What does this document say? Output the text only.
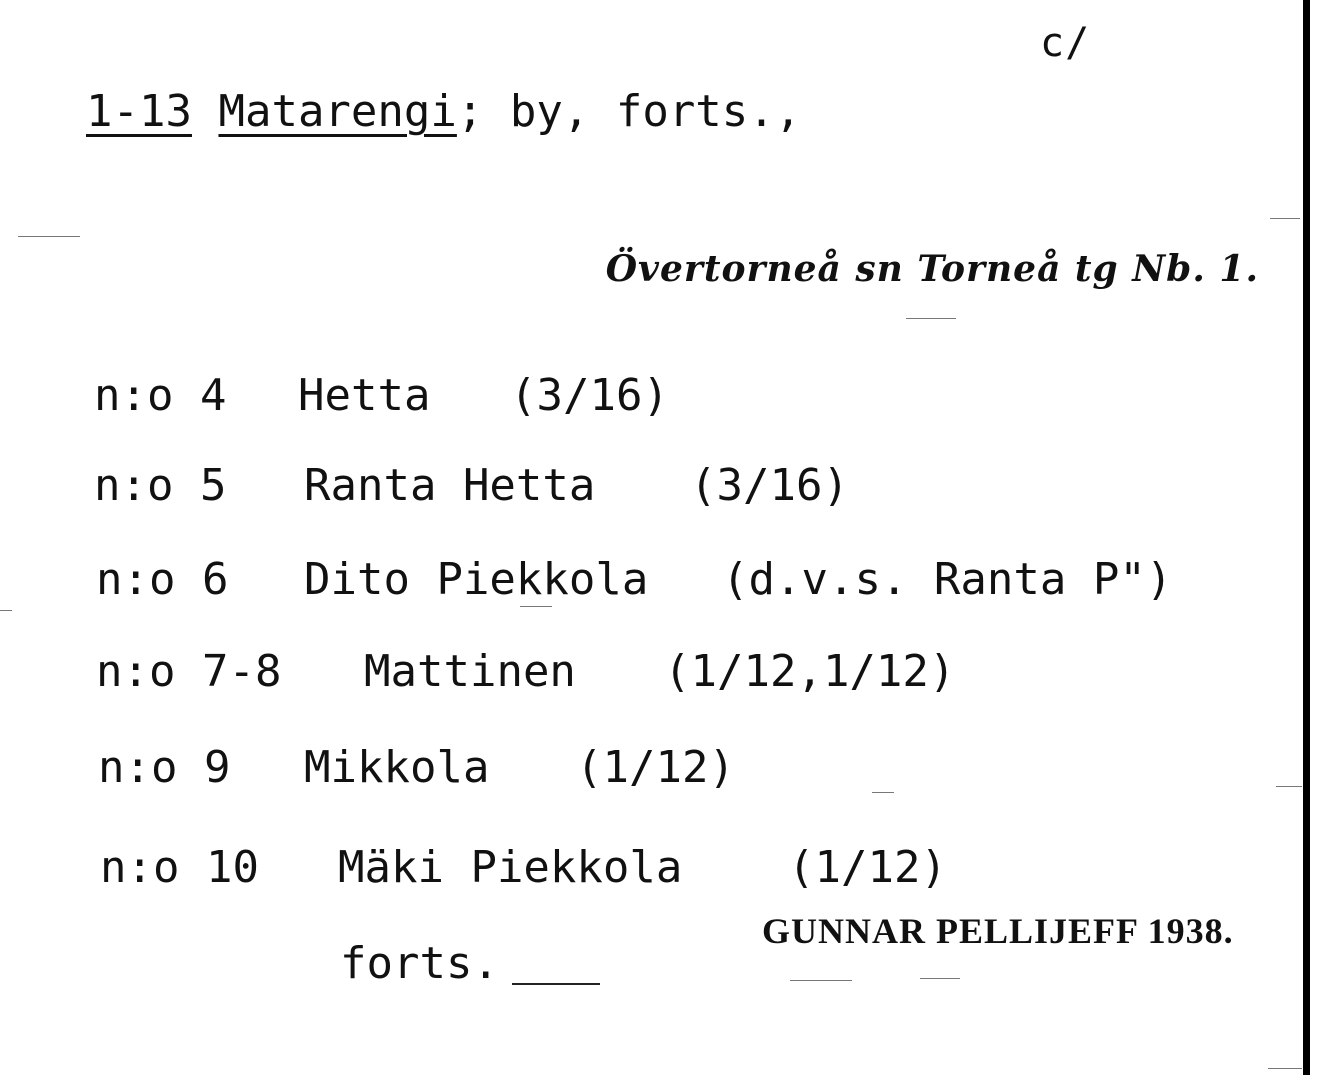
c/
1-13 Matarengi; by, forts.,
Övertorneå sn Torneå tg Nb. 1.
n:o 4 Hetta (3/16)
n:o 5 Ranta Hetta (3/16)
n:o 6 Dito Piekkola (d.v.s. Ranta P")
n:o 7-8 Mattinen (1/12,1/12)
n:o 9 Mikkola (1/12)
n:o 10 Mäki Piekkola (1/12)
GUNNAR PELLIJEFF 1938.
forts.
